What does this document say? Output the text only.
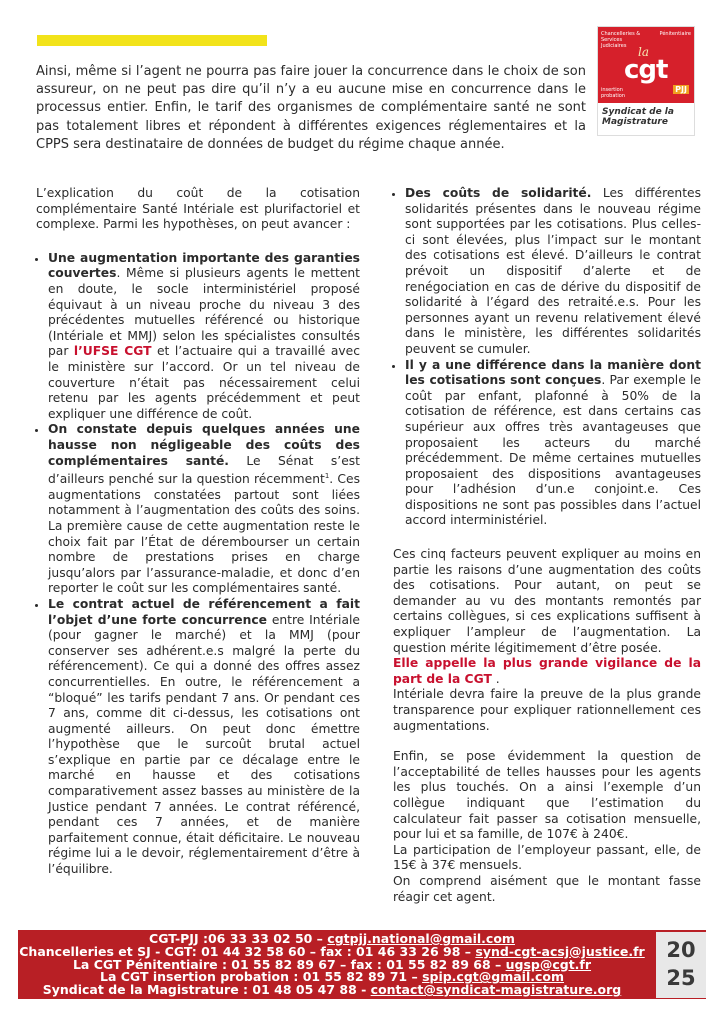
Chancelleries & Services Judiciaires
Pénitentiaire
la
cgt
insertion probation
PJJ
Syndicat de la Magistrature
Ainsi, même si l’agent ne pourra pas faire jouer la concurrence dans le choix de son assureur, on ne peut pas dire qu’il n’y a eu aucune mise en concurrence dans le processus entier. Enfin, le tarif des organismes de complémentaire santé ne sont pas totalement libres et répondent à différentes exigences réglementaires et la CPPS sera destinataire de données de budget du régime chaque année.

L’explication du coût de la cotisation complémentaire Santé Intériale est plurifactoriel et complexe. Parmi les hypothèses, on peut avancer :

• Une augmentation importante des garanties couvertes. Même si plusieurs agents le mettent en doute, le socle interministériel proposé équivaut à un niveau proche du niveau 3 des précédentes mutuelles référencé ou historique (Intériale et MMJ) selon les spécialistes consultés par l’UFSE CGT et l’actuaire qui a travaillé avec le ministère sur l’accord. Or un tel niveau de couverture n’était pas nécessairement celui retenu par les agents précédemment et peut expliquer une différence de coût.
• On constate depuis quelques années une hausse non négligeable des coûts des complémentaires santé. Le Sénat s’est d’ailleurs penché sur la question récemment$^1$. Ces augmentations constatées partout sont liées notamment à l’augmentation des coûts des soins. La première cause de cette augmentation reste le choix fait par l’État de dérembourser un certain nombre de prestations prises en charge jusqu’alors par l’assurance-maladie, et donc d’en reporter le coût sur les complémentaires santé.
• Le contrat actuel de référencement a fait l’objet d’une forte concurrence entre Intériale (pour gagner le marché) et la MMJ (pour conserver ses adhérent.e.s malgré la perte du référencement). Ce qui a donné des offres assez concurrentielles. En outre, le référencement a “bloqué” les tarifs pendant 7 ans. Or pendant ces 7 ans, comme dit ci-dessus, les cotisations ont augmenté ailleurs. On peut donc émettre l’hypothèse que le surcoût brutal actuel s’explique en partie par ce décalage entre le marché en hausse et des cotisations comparativement assez basses au ministère de la Justice pendant 7 années. Le contrat référencé, pendant ces 7 années, et de manière parfaitement connue, était déficitaire. Le nouveau régime lui a le devoir, réglementairement d’être à l’équilibre.
• Des coûts de solidarité. Les différentes solidarités présentes dans le nouveau régime sont supportées par les cotisations. Plus celles-ci sont élevées, plus l’impact sur le montant des cotisations est élevé. D’ailleurs le contrat prévoit un dispositif d’alerte et de renégociation en cas de dérive du dispositif de solidarité à l’égard des retraité.e.s. Pour les personnes ayant un revenu relativement élevé dans le ministère, les différentes solidarités peuvent se cumuler.
• Il y a une différence dans la manière dont les cotisations sont conçues. Par exemple le coût par enfant, plafonné à 50% de la cotisation de référence, est dans certains cas supérieur aux offres très avantageuses que proposaient les acteurs du marché précédemment. De même certaines mutuelles proposaient des dispositions avantageuses pour l’adhésion d’un.e conjoint.e. Ces dispositions ne sont pas possibles dans l’actuel accord interministériel.

Ces cinq facteurs peuvent expliquer au moins en partie les raisons d’une augmentation des coûts des cotisations. Pour autant, on peut se demander au vu des montants remontés par certains collègues, si ces explications suffisent à expliquer l’ampleur de l’augmentation. La question mérite légitimement d’être posée.

Elle appelle la plus grande vigilance de la part de la CGT .

Intériale devra faire la preuve de la plus grande transparence pour expliquer rationnellement ces augmentations.

Enfin, se pose évidemment la question de l’acceptabilité de telles hausses pour les agents les plus touchés. On a ainsi l’exemple d’un collègue indiquant que l’estimation du calculateur fait passer sa cotisation mensuelle, pour lui et sa famille, de 107€ à 240€.

La participation de l’employeur passant, elle, de 15€ à 37€ mensuels.

On comprend aisément que le montant fasse réagir cet agent.

CGT-PJJ :06 33 33 02 50 – cgtpjj.national@gmail.com
Chancelleries et SJ - CGT: 01 44 32 58 60 – fax : 01 46 33 26 98 – synd-cgt-acsj@justice.fr
La CGT Pénitentiaire : 01 55 82 89 67 – fax : 01 55 82 89 68 – ugsp@cgt.fr
La CGT insertion probation : 01 55 82 89 71 – spip.cgt@gmail.com
Syndicat de la Magistrature : 01 48 05 47 88 - contact@syndicat-magistrature.org
20
25
